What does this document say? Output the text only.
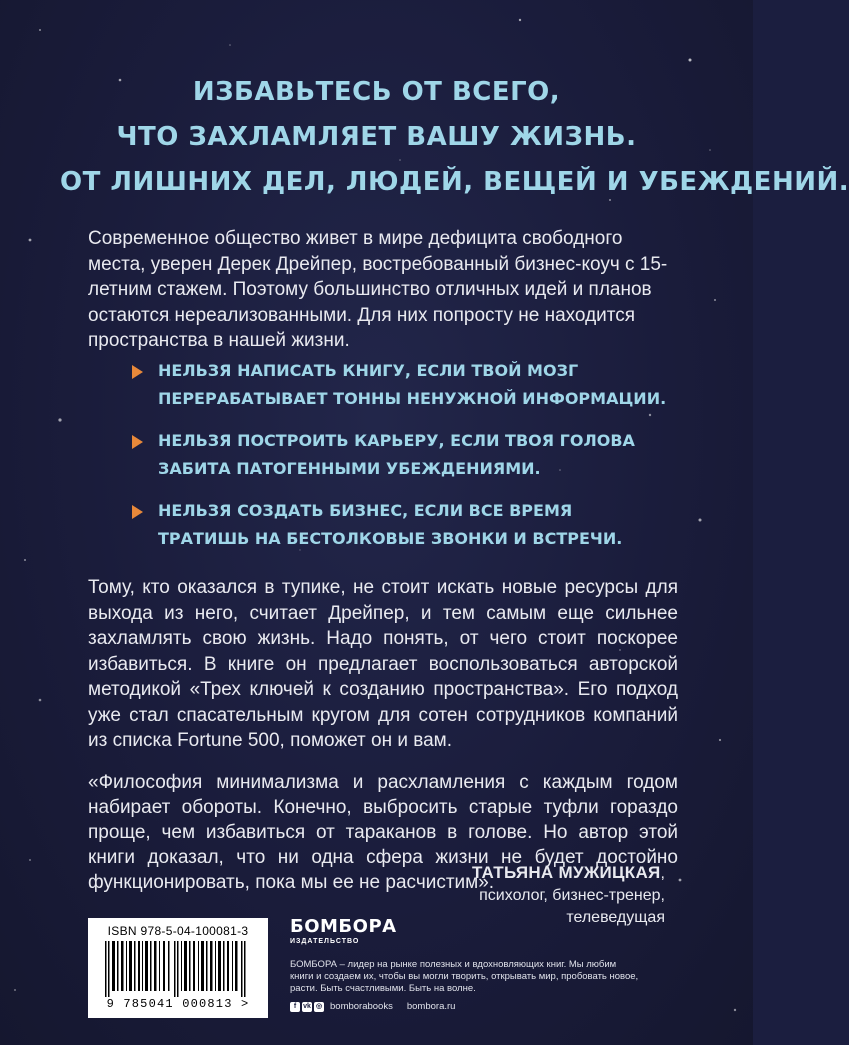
ИЗБАВЬТЕСЬ ОТ ВСЕГО,
ЧТО ЗАХЛАМЛЯЕТ ВАШУ ЖИЗНЬ.
ОТ ЛИШНИХ ДЕЛ, ЛЮДЕЙ, ВЕЩЕЙ И УБЕЖДЕНИЙ.

Современное общество живет в мире дефицита свободного места, уверен Дерек Дрейпер, востребованный бизнес-коуч с 15-летним стажем. Поэтому большинство отличных идей и планов остаются нереализованными. Для них попросту не находится пространства в нашей жизни.

НЕЛЬЗЯ НАПИСАТЬ КНИГУ, ЕСЛИ ТВОЙ МОЗГ
ПЕРЕРАБАТЫВАЕТ ТОННЫ НЕНУЖНОЙ ИНФОРМАЦИИ.
НЕЛЬЗЯ ПОСТРОИТЬ КАРЬЕРУ, ЕСЛИ ТВОЯ ГОЛОВА
ЗАБИТА ПАТОГЕННЫМИ УБЕЖДЕНИЯМИ.
НЕЛЬЗЯ СОЗДАТЬ БИЗНЕС, ЕСЛИ ВСЕ ВРЕМЯ
ТРАТИШЬ НА БЕСТОЛКОВЫЕ ЗВОНКИ И ВСТРЕЧИ.

Тому, кто оказался в тупике, не стоит искать новые ресурсы для выхода из него, считает Дрейпер, и тем самым еще сильнее захламлять свою жизнь. Надо понять, от чего стоит поскорее избавиться. В книге он предлагает воспользоваться авторской методикой «Трех ключей к созданию пространства». Его подход уже стал спасательным кругом для сотен сотрудников компаний из списка Fortune 500, поможет он и вам.

«Философия минимализма и расхламления с каждым годом набирает обороты. Конечно, выбросить старые туфли гораздо проще, чем избавиться от тараканов в голове. Но автор этой книги доказал, что ни одна сфера жизни не будет достойно функционировать, пока мы ее не расчистим».

ТАТЬЯНА МУЖИЦКАЯ,
психолог, бизнес-тренер,
телеведущая
ISBN 978-5-04-100081-3
9 785041 000813 >
БОМБОРА
ИЗДАТЕЛЬСТВО
БОМБОРА – лидер на рынке полезных и вдохновляющих книг. Мы любим книги и создаем их, чтобы вы могли творить, открывать мир, пробовать новое, расти. Быть счастливыми. Быть на волне.
f vk ◎ bomborabooks bombora.ru
